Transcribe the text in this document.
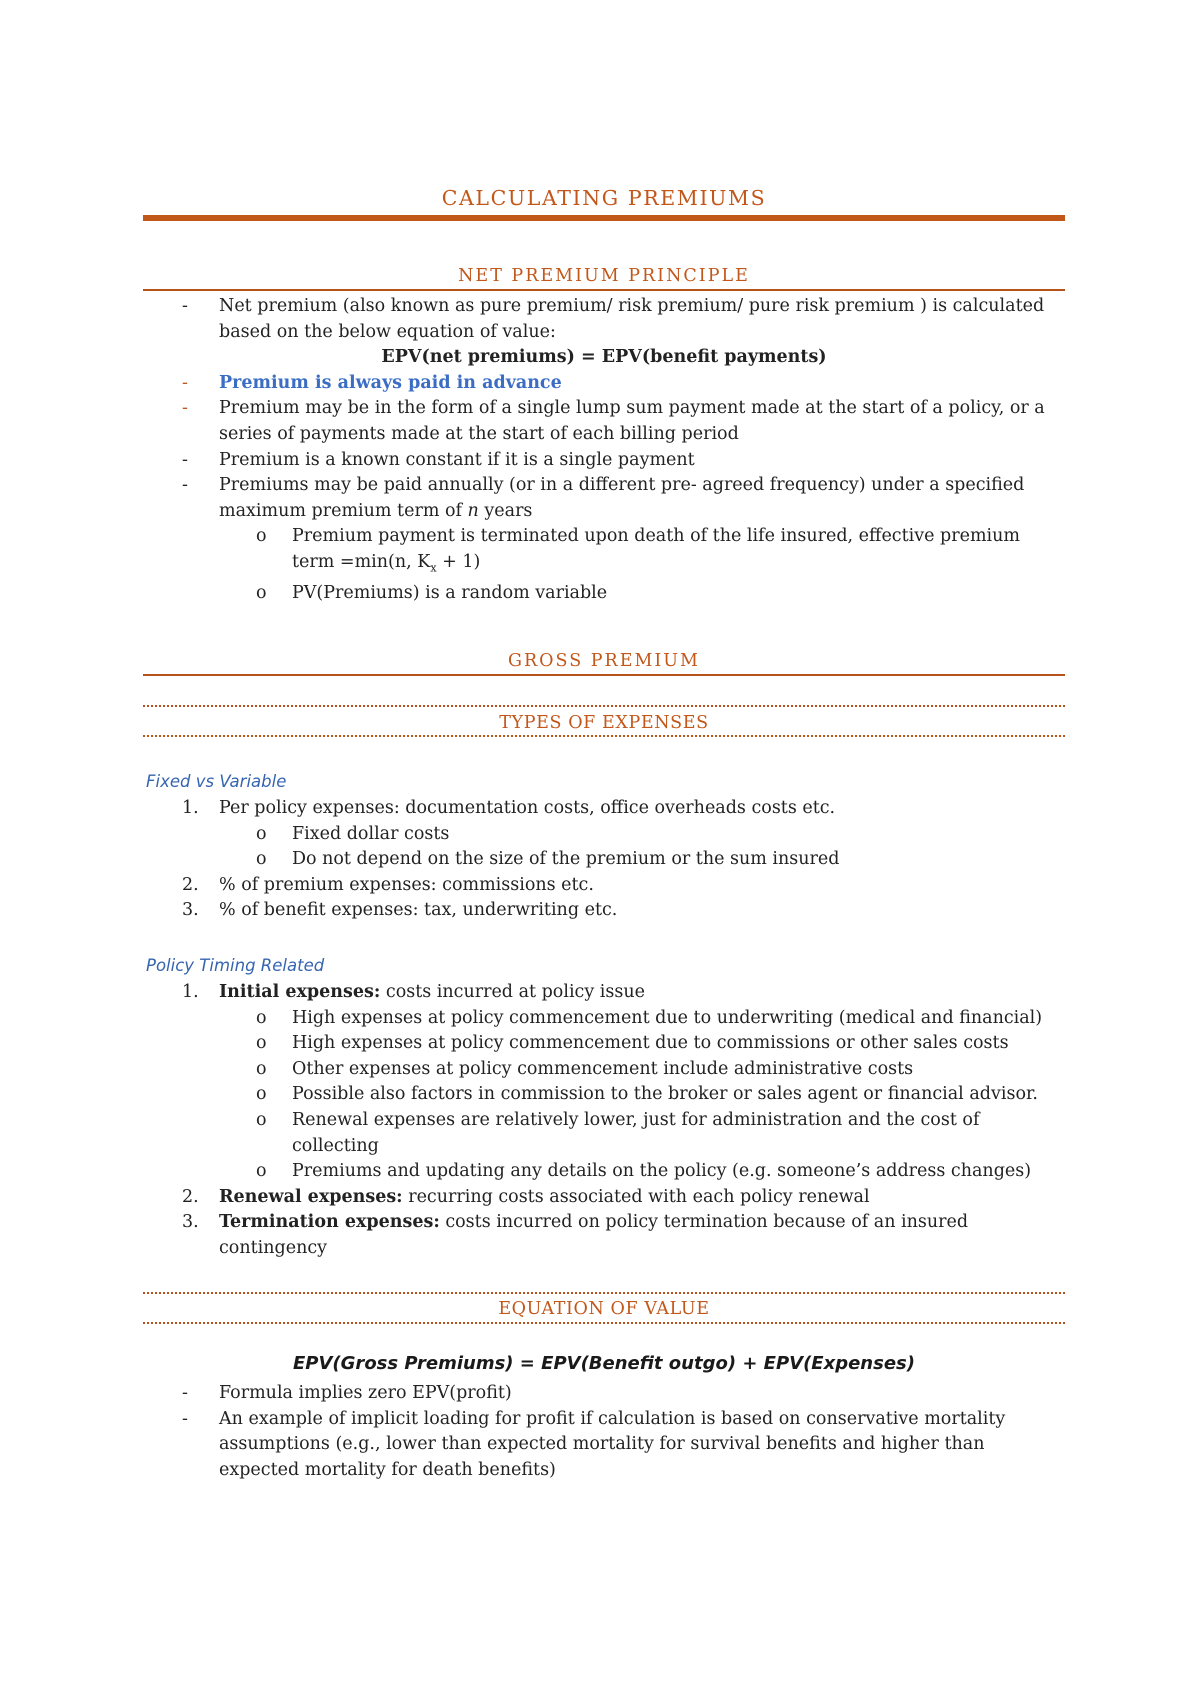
CALCULATING PREMIUMS
NET PREMIUM PRINCIPLE
- Net premium (also known as pure premium/ risk premium/ pure risk premium ) is calculated
based on the below equation of value:
EPV(net premiums) = EPV(benefit payments)
- Premium is always paid in advance
- Premium may be in the form of a single lump sum payment made at the start of a policy, or a
series of payments made at the start of each billing period
- Premium is a known constant if it is a single payment
- Premiums may be paid annually (or in a different pre- agreed frequency) under a specified
maximum premium term of n years
o Premium payment is terminated upon death of the life insured, effective premium
term =min(n, $K_x + 1$)
o PV(Premiums) is a random variable
GROSS PREMIUM
TYPES OF EXPENSES
Fixed vs Variable
1. Per policy expenses: documentation costs, office overheads costs etc.
o Fixed dollar costs
o Do not depend on the size of the premium or the sum insured
2. % of premium expenses: commissions etc.
3. % of benefit expenses: tax, underwriting etc.
Policy Timing Related
1. Initial expenses: costs incurred at policy issue
o High expenses at policy commencement due to underwriting (medical and financial)
o High expenses at policy commencement due to commissions or other sales costs
o Other expenses at policy commencement include administrative costs
o Possible also factors in commission to the broker or sales agent or financial advisor.
o Renewal expenses are relatively lower, just for administration and the cost of
collecting
o Premiums and updating any details on the policy (e.g. someone’s address changes)
2. Renewal expenses: recurring costs associated with each policy renewal
3. Termination expenses: costs incurred on policy termination because of an insured
contingency
EQUATION OF VALUE
EPV(Gross Premiums) = EPV(Benefit outgo) + EPV(Expenses)
- Formula implies zero EPV(profit)
- An example of implicit loading for profit if calculation is based on conservative mortality
assumptions (e.g., lower than expected mortality for survival benefits and higher than
expected mortality for death benefits)
